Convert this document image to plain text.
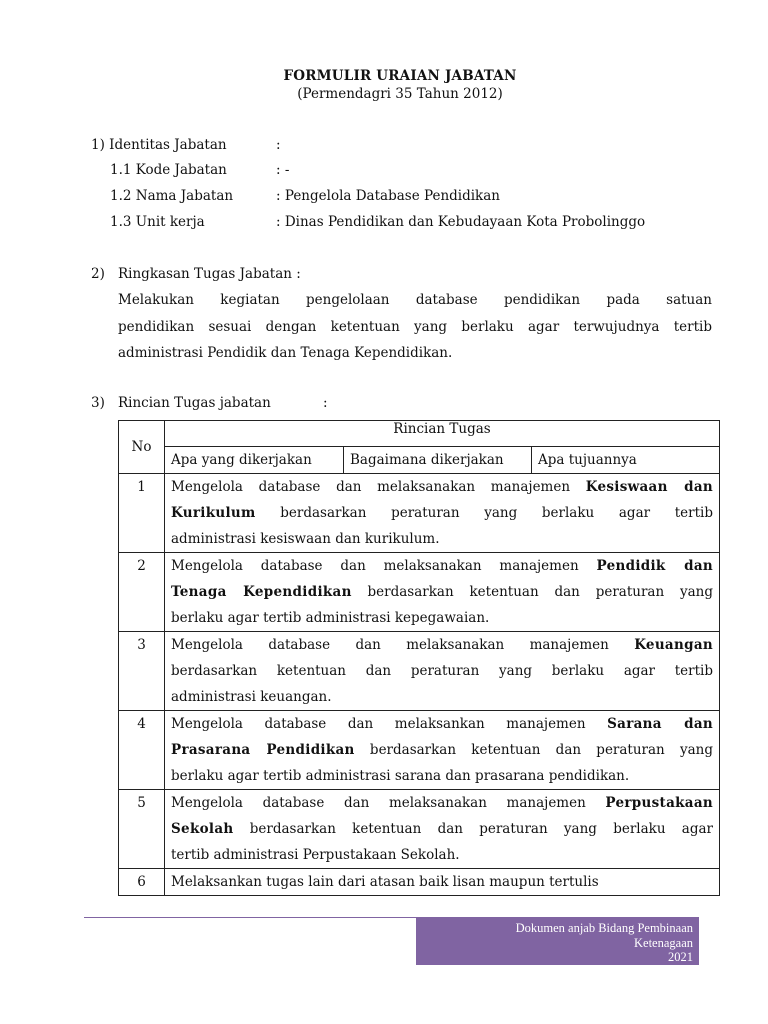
FORMULIR URAIAN JABATAN
(Permendagri 35 Tahun 2012)
1) Identitas Jabatan	:
1.1 Kode Jabatan	: -
1.2 Nama Jabatan	: Pengelola Database Pendidikan
1.3 Unit kerja	: Dinas Pendidikan dan Kebudayaan Kota Probolinggo
2) Ringkasan Tugas Jabatan :
Melakukan kegiatan pengelolaan database pendidikan pada satuan
pendidikan sesuai dengan ketentuan yang berlaku agar terwujudnya tertib
administrasi Pendidik dan Tenaga Kependidikan.
3) Rincian Tugas jabatan	:
No	Rincian Tugas		
	Apa yang dikerjakan	Bagaimana dikerjakan	Apa tujuannya
1	Mengelola database dan melaksanakan manajemen Kesiswaan dan
Kurikulum berdasarkan peraturan yang berlaku agar tertib
administrasi kesiswaan dan kurikulum.		

2	Mengelola database dan melaksanakan manajemen Pendidik dan
Tenaga Kependidikan berdasarkan ketentuan dan peraturan yang
berlaku agar tertib administrasi kepegawaian.		

3	Mengelola database dan melaksanakan manajemen Keuangan
berdasarkan ketentuan dan peraturan yang berlaku agar tertib
administrasi keuangan.		

4	Mengelola database dan melaksankan manajemen Sarana dan
Prasarana Pendidikan berdasarkan ketentuan dan peraturan yang
berlaku agar tertib administrasi sarana dan prasarana pendidikan.		

5	Mengelola database dan melaksanakan manajemen Perpustakaan
Sekolah berdasarkan ketentuan dan peraturan yang berlaku agar
tertib administrasi Perpustakaan Sekolah.		

6	Melaksankan tugas lain dari atasan baik lisan maupun tertulis		
Dokumen anjab Bidang Pembinaan
Ketenagaan
2021
